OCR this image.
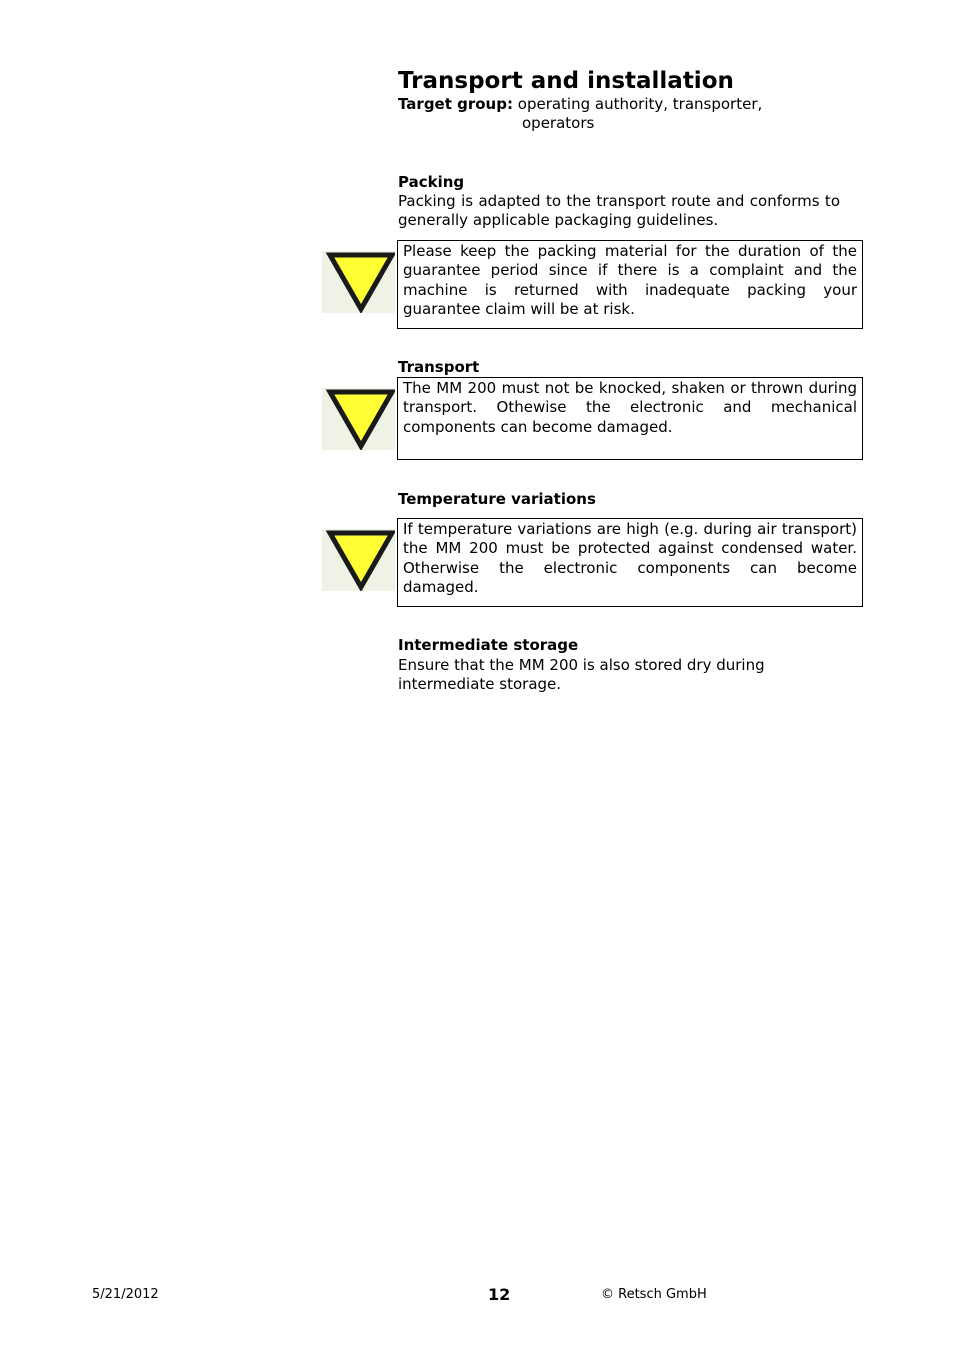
Transport and installation
Target group: operating authority, transporter,
operators
Packing

Packing is adapted to the transport route and conforms to generally applicable packaging guidelines.

Please keep the packing material for the duration of the guarantee period since if there is a complaint and the machine is returned with inadequate packing your guarantee claim will be at risk.
Transport
The MM 200 must not be knocked, shaken or thrown during transport. Othewise the electronic and mechanical components can become damaged.
Temperature variations
If temperature variations are high (e.g. during air transport) the MM 200 must be protected against condensed water. Otherwise the electronic components can become damaged.
Intermediate storage

Ensure that the MM 200 is also stored dry during intermediate storage.

5/21/2012	12	© Retsch GmbH
